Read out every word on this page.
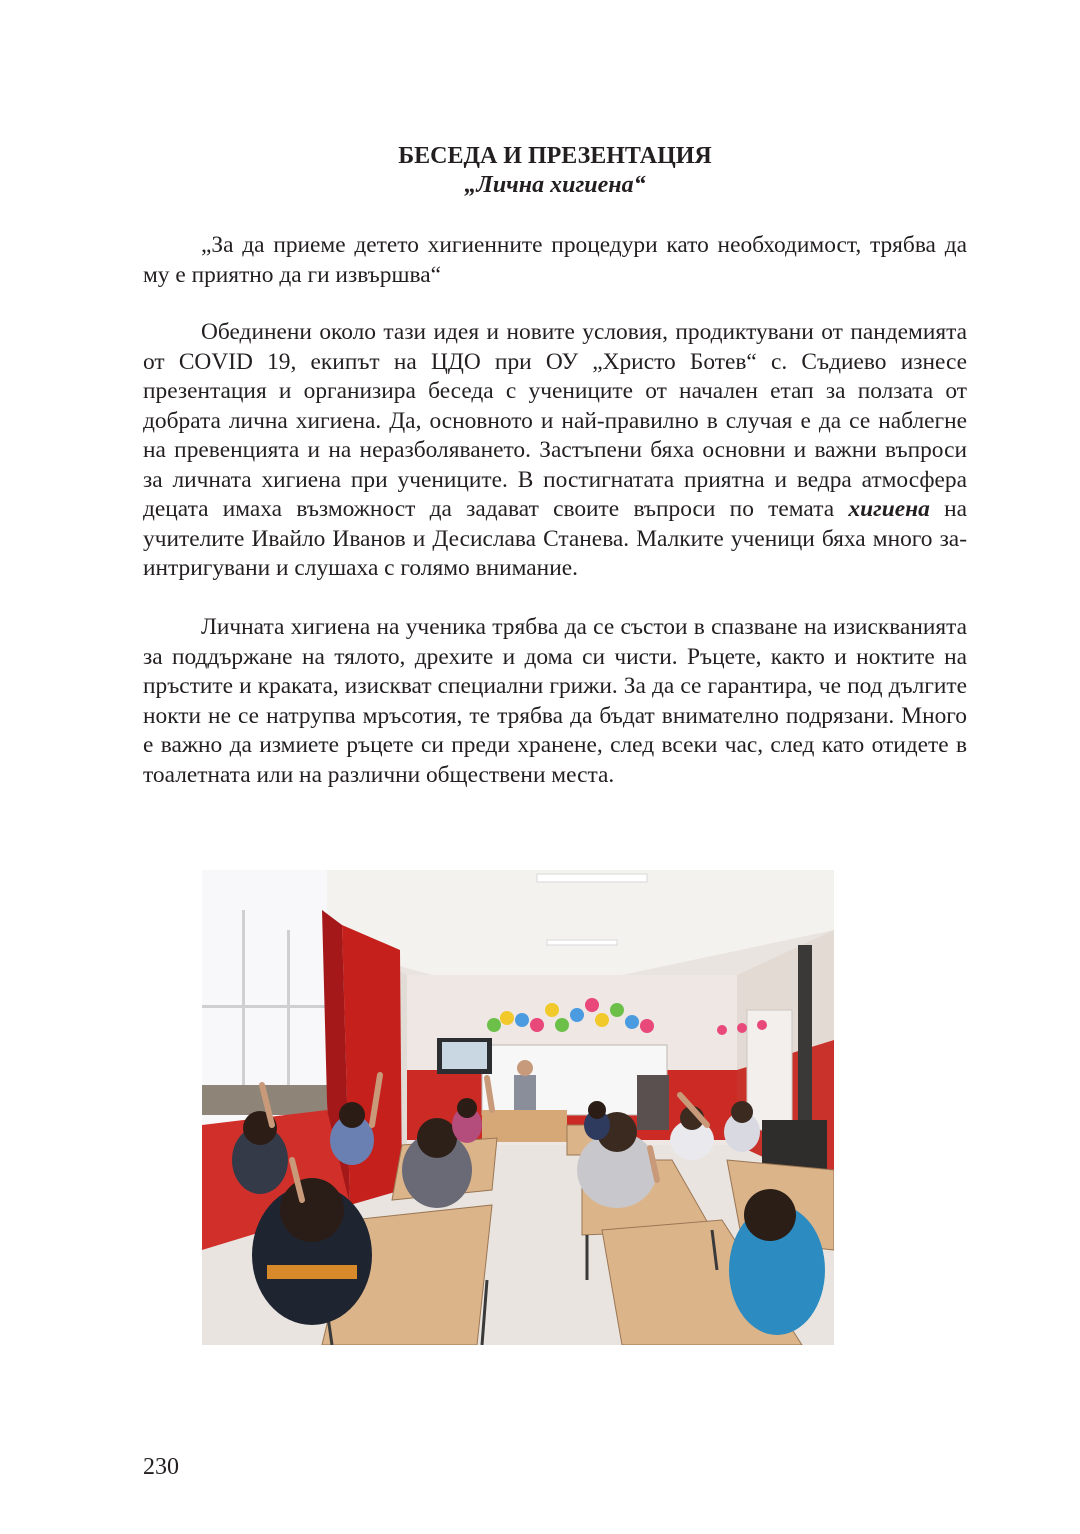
БЕСЕДА И ПРЕЗЕНТАЦИЯ
„Лична хигиена“
„За да приеме детето хигиенните процедури като необходимост, трябва да му е приятно да ги извършва“
Обединени около тази идея и новите условия, продиктувани от пандемията от COVID 19, екипът на ЦДО при ОУ „Христо Ботев“ с. Съдиево изнесе презентация и организира беседа с учениците от начален етап за ползата от добрата лична хигиена. Да, основното и най-правилно в случая е да се наблегне на превенцията и на неразболяването. Застъпени бяха основни и важни въпроси за личната хигиена при учениците. В постигнатата приятна и ведра атмосфера децата имаха възможност да задават своите въпроси по темата хигиена на учителите Ивайло Иванов и Десислава Станева. Малките ученици бяха много заинтригувани и слушаха с голямо внимание.
Личната хигиена на ученика трябва да се състои в спазване на изискванията за поддържане на тялото, дрехите и дома си чисти. Ръцете, както и ноктите на пръстите и краката, изискват специални грижи. За да се гарантира, че под дългите нокти не се натрупва мръсотия, те трябва да бъдат внимателно подрязани. Много е важно да измиете ръцете си преди хранене, след всеки час, след като отидете в тоалетната или на различни обществени места.
230
